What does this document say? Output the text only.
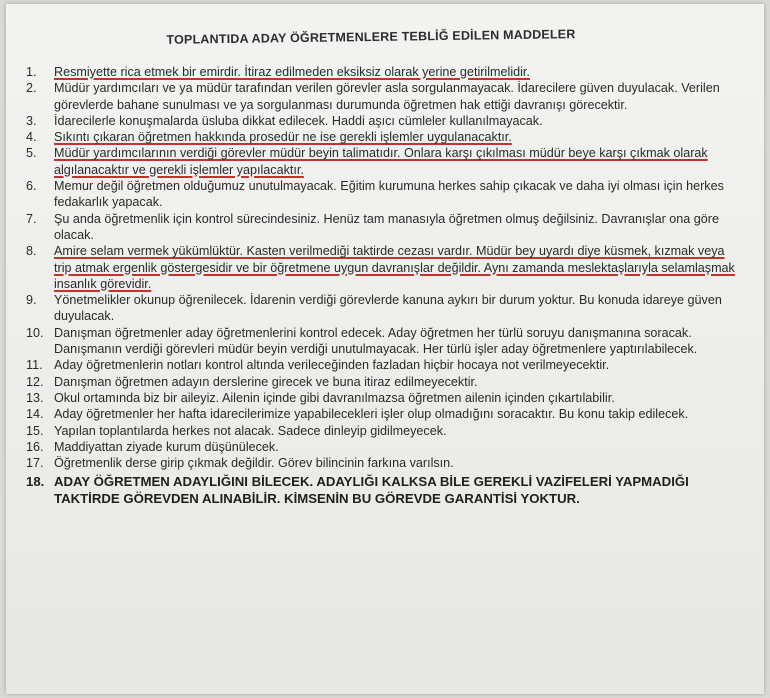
TOPLANTIDA ADAY ÖĞRETMENLERE TEBLİĞ EDİLEN MADDELER
1.	Resmiyette rica etmek bir emirdir. İtiraz edilmeden eksiksiz olarak yerine getirilmelidir.
2.	Müdür yardımcıları ve ya müdür tarafından verilen görevler asla sorgulanmayacak. İdarecilere güven duyulacak. Verilen görevlerde bahane sunulması ve ya sorgulanması durumunda öğretmen hak ettiği davranışı görecektir.
3.	İdarecilerle konuşmalarda üsluba dikkat edilecek. Haddi aşıcı cümleler kullanılmayacak.
4.	Sıkıntı çıkaran öğretmen hakkında prosedür ne ise gerekli işlemler uygulanacaktır.
5.	Müdür yardımcılarının verdiği görevler müdür beyin talimatıdır. Onlara karşı çıkılması müdür beye karşı çıkmak olarak algılanacaktır ve gerekli işlemler yapılacaktır.
6.	Memur değil öğretmen olduğumuz unutulmayacak. Eğitim kurumuna herkes sahip çıkacak ve daha iyi olması için herkes fedakarlık yapacak.
7.	Şu anda öğretmenlik için kontrol sürecindesiniz. Henüz tam manasıyla öğretmen olmuş değilsiniz. Davranışlar ona göre olacak.
8.	Amire selam vermek yükümlüktür. Kasten verilmediği taktirde cezası vardır. Müdür bey uyardı diye küsmek, kızmak veya trip atmak ergenlik göstergesidir ve bir öğretmene uygun davranışlar değildir. Aynı zamanda meslektaşlarıyla selamlaşmak insanlık görevidir.
9.	Yönetmelikler okunup öğrenilecek. İdarenin verdiği görevlerde kanuna aykırı bir durum yoktur. Bu konuda idareye güven duyulacak.
10. Danışman öğretmenler aday öğretmenlerini kontrol edecek. Aday öğretmen her türlü soruyu danışmanına soracak. Danışmanın verdiği görevleri müdür beyin verdiği unutulmayacak. Her türlü işler aday öğretmenlere yaptırılabilecek.
11. Aday öğretmenlerin notları kontrol altında verileceğinden fazladan hiçbir hocaya not verilmeyecektir.
12. Danışman öğretmen adayın derslerine girecek ve buna itiraz edilmeyecektir.
13. Okul ortamında biz bir aileyiz. Ailenin içinde gibi davranılmazsa öğretmen ailenin içinden çıkartılabilir.
14. Aday öğretmenler her hafta idarecilerimize yapabilecekleri işler olup olmadığını soracaktır. Bu konu takip edilecek.
15. Yapılan toplantılarda herkes not alacak. Sadece dinleyip gidilmeyecek.
16. Maddiyattan ziyade kurum düşünülecek.
17. Öğretmenlik derse girip çıkmak değildir. Görev bilincinin farkına varılsın.
18. ADAY ÖĞRETMEN ADAYLIĞINI BİLECEK. ADAYLIĞI KALKSA BİLE GEREKLİ VAZİFELERİ YAPMADIĞI TAKTİRDE GÖREVDEN ALINABİLİR. KİMSENİN BU GÖREVDE GARANTİSİ YOKTUR.
